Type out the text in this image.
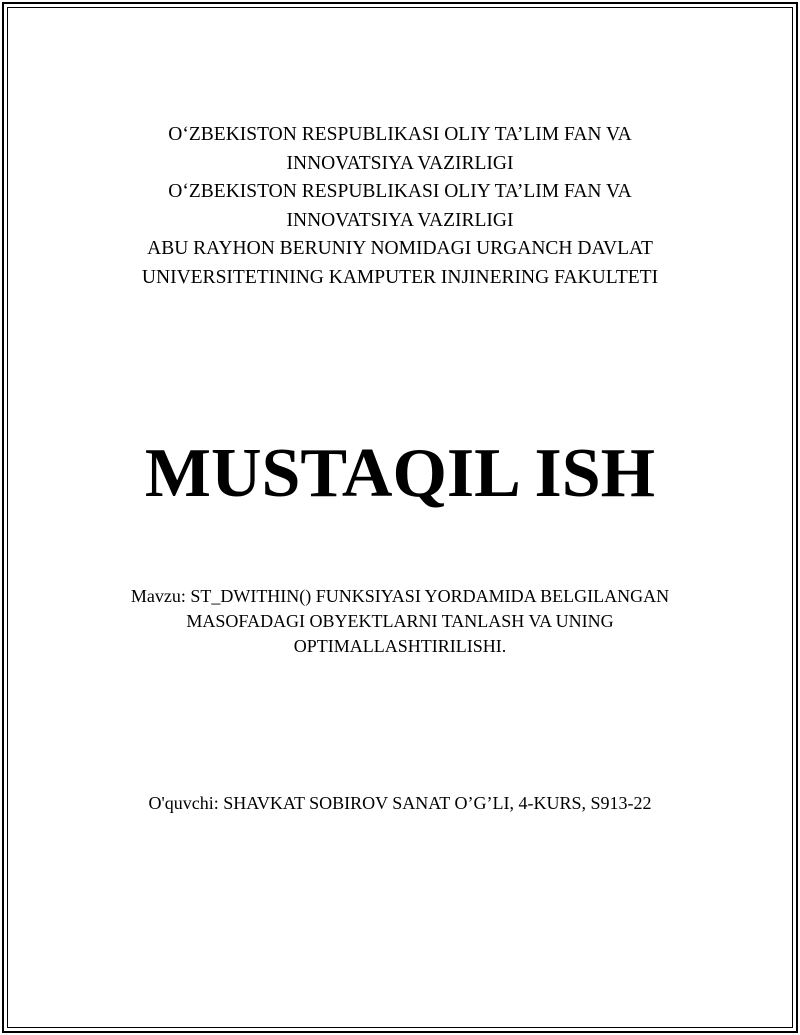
O‘ZBEKISTON RESPUBLIKASI OLIY TA’LIM FAN VA
INNOVATSIYA VAZIRLIGI
O‘ZBEKISTON RESPUBLIKASI OLIY TA’LIM FAN VA
INNOVATSIYA VAZIRLIGI
ABU RAYHON BERUNIY NOMIDAGI URGANCH DAVLAT
UNIVERSITETINING KAMPUTER INJINERING FAKULTETI
MUSTAQIL ISH
Mavzu: ST_DWITHIN() FUNKSIYASI YORDAMIDA BELGILANGAN
MASOFADAGI OBYEKTLARNI TANLASH VA UNING
OPTIMALLASHTIRILISHI.
O'quvchi: SHAVKAT SOBIROV SANAT O’G’LI, 4-KURS, S913-22
